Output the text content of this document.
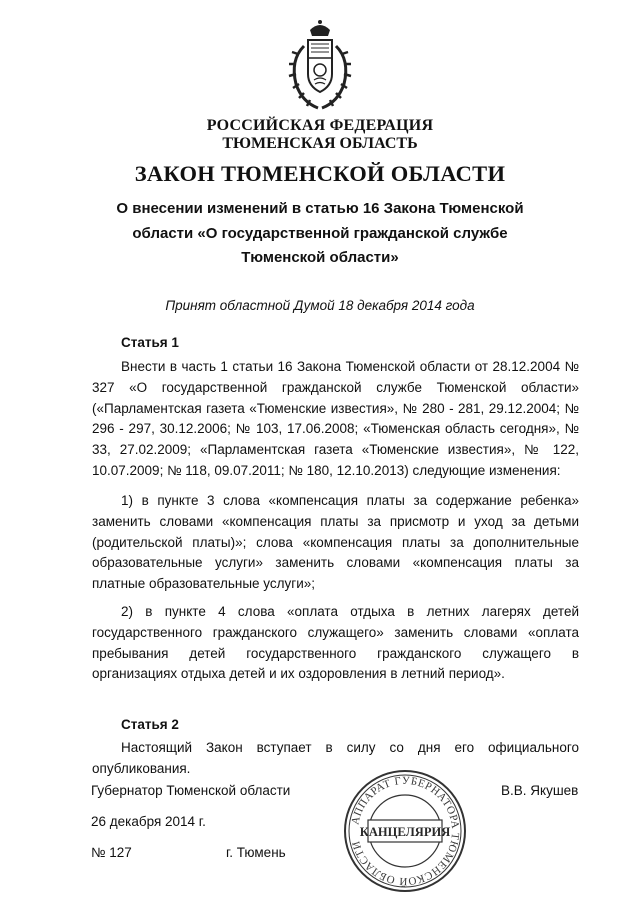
РОССИЙСКАЯ ФЕДЕРАЦИЯ
ТЮМЕНСКАЯ ОБЛАСТЬ
ЗАКОН ТЮМЕНСКОЙ ОБЛАСТИ
О внесении изменений в статью 16 Закона Тюменской области «О государственной гражданской службе Тюменской области»
Принят областной Думой 18 декабря 2014 года
Статья 1

Внести в часть 1 статьи 16 Закона Тюменской области от 28.12.2004 № 327 «О государственной гражданской службе Тюменской области» («Парламентская газета «Тюменские известия», № 280 - 281, 29.12.2004; № 296 - 297, 30.12.2006; № 103, 17.06.2008; «Тюменская область сегодня», № 33, 27.02.2009; «Парламентская газета «Тюменские известия», № 122, 10.07.2009; № 118, 09.07.2011; № 180, 12.10.2013) следующие изменения:

1) в пункте 3 слова «компенсация платы за содержание ребенка» заменить словами «компенсация платы за присмотр и уход за детьми (родительской платы)»; слова «компенсация платы за дополнительные образовательные услуги» заменить словами «компенсация платы за платные образовательные услуги»;

2) в пункте 4 слова «оплата отдыха в летних лагерях детей государственного гражданского служащего» заменить словами «оплата пребывания детей государственного гражданского служащего в организациях отдыха детей и их оздоровления в летний период».

Статья 2

Настоящий Закон вступает в силу со дня его официального опубликования.

Губернатор Тюменской области	В.В. Якушев
26 декабря 2014 г.
№ 127	г. Тюмень
АППАРАТ ГУБЕРНАТОРА ТЮМЕНСКОЙ ОБЛАСТИ
КАНЦЕЛЯРИЯ
